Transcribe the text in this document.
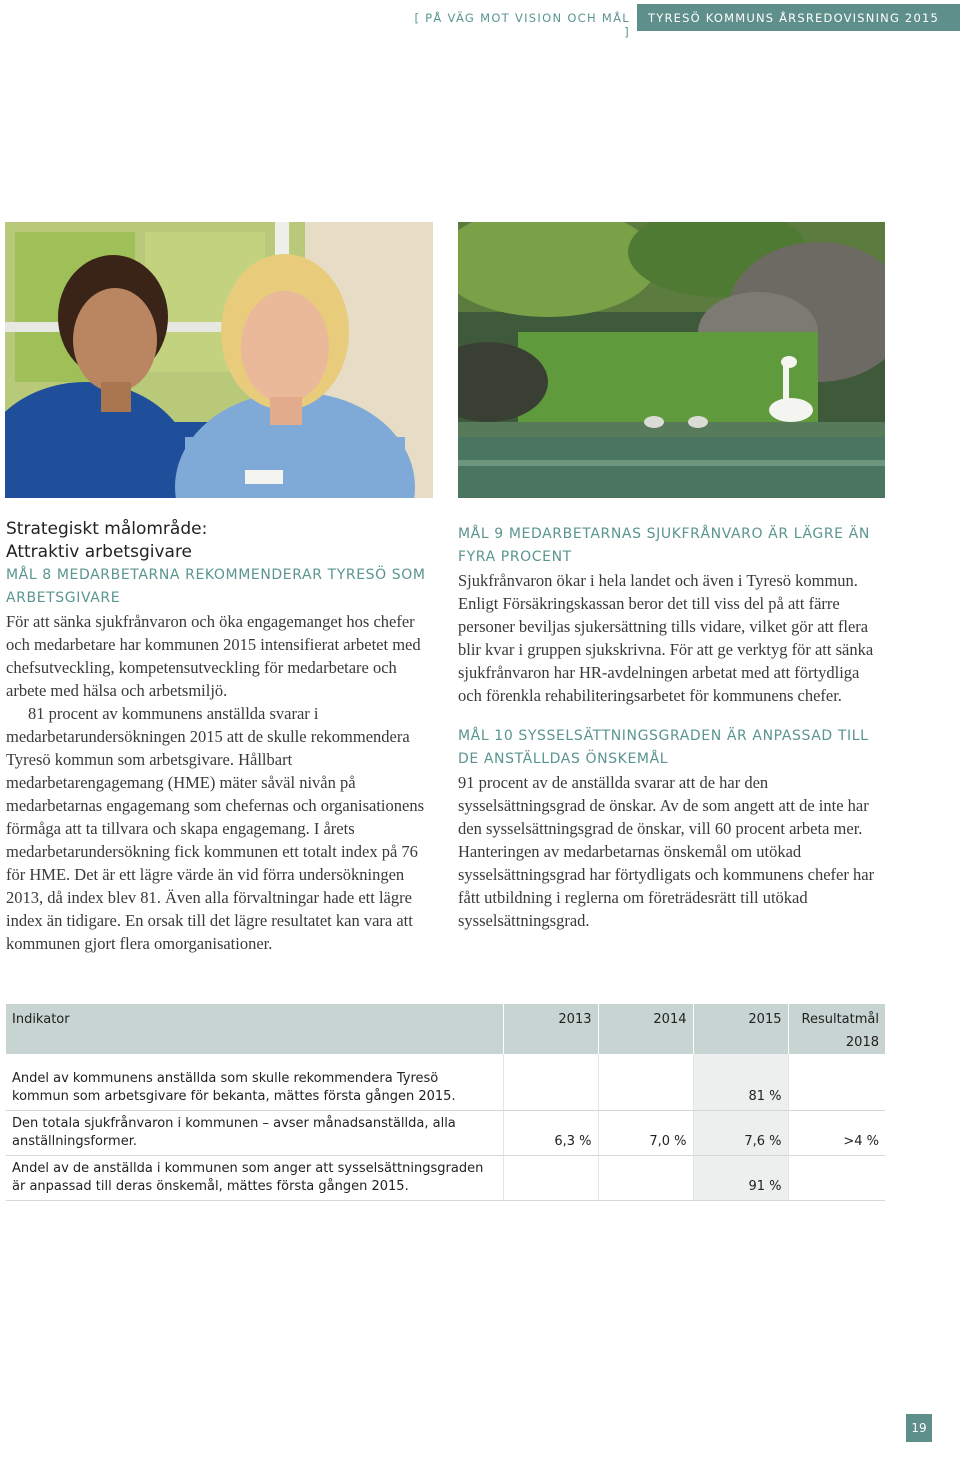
[ PÅ VÄG MOT VISION OCH MÅL ]
TYRESÖ KOMMUNS ÅRSREDOVISNING 2015

Strategiskt målområde:

Attraktiv arbetsgivare

MÅL 8 MEDARBETARNA REKOMMENDERAR TYRESÖ SOM ARBETSGIVARE

För att sänka sjukfrånvaron och öka engagemanget hos chefer och medarbetare har kommunen 2015 intensifierat arbetet med chefsutveckling, kompetensutveckling för medarbetare och arbete med hälsa och arbetsmiljö.

81 procent av kommunens anställda svarar i medarbetarundersökningen 2015 att de skulle rekommendera Tyresö kommun som arbetsgivare. Hållbart medarbetarengagemang (HME) mäter såväl nivån på medarbetarnas engagemang som chefernas och organisationens förmåga att ta tillvara och skapa engagemang. I årets medarbetarundersökning fick kommunen ett totalt index på 76 för HME. Det är ett lägre värde än vid förra undersökningen 2013, då index blev 81. Även alla förvaltningar hade ett lägre index än tidigare. En orsak till det lägre resultatet kan vara att kommunen gjort flera omorganisationer.

MÅL 9 MEDARBETARNAS SJUKFRÅNVARO ÄR LÄGRE ÄN FYRA PROCENT

Sjukfrånvaron ökar i hela landet och även i Tyresö kommun. Enligt Försäkringskassan beror det till viss del på att färre personer beviljas sjukersättning tills vidare, vilket gör att flera blir kvar i gruppen sjukskrivna. För att ge verktyg för att sänka sjukfrånvaron har HR-avdelningen arbetat med att förtydliga och förenkla rehabiliteringsarbetet för kommunens chefer.

MÅL 10 SYSSELSÄTTNINGSGRADEN ÄR ANPASSAD TILL DE ANSTÄLLDAS ÖNSKEMÅL

91 procent av de anställda svarar att de har den sysselsättningsgrad de önskar. Av de som angett att de inte har den sysselsättningsgrad de önskar, vill 60 procent arbeta mer. Hanteringen av medarbetarnas önskemål om utökad sysselsättningsgrad har förtydligats och kommunens chefer har fått utbildning i reglerna om företrädesrätt till utökad sysselsättningsgrad.

Indikator	2013	2014	2015	Resultatmål 2018
Andel av kommunens anställda som skulle rekommendera Tyresö kommun som arbetsgivare för bekanta, mättes första gången 2015.			81 %	
Den totala sjukfrånvaron i kommunen – avser månadsanställda, alla anställningsformer.	6,3 %	7,0 %	7,6 %	>4 %
Andel av de anställda i kommunen som anger att sysselsättningsgraden är anpassad till deras önskemål, mättes första gången 2015.			91 %	
19
